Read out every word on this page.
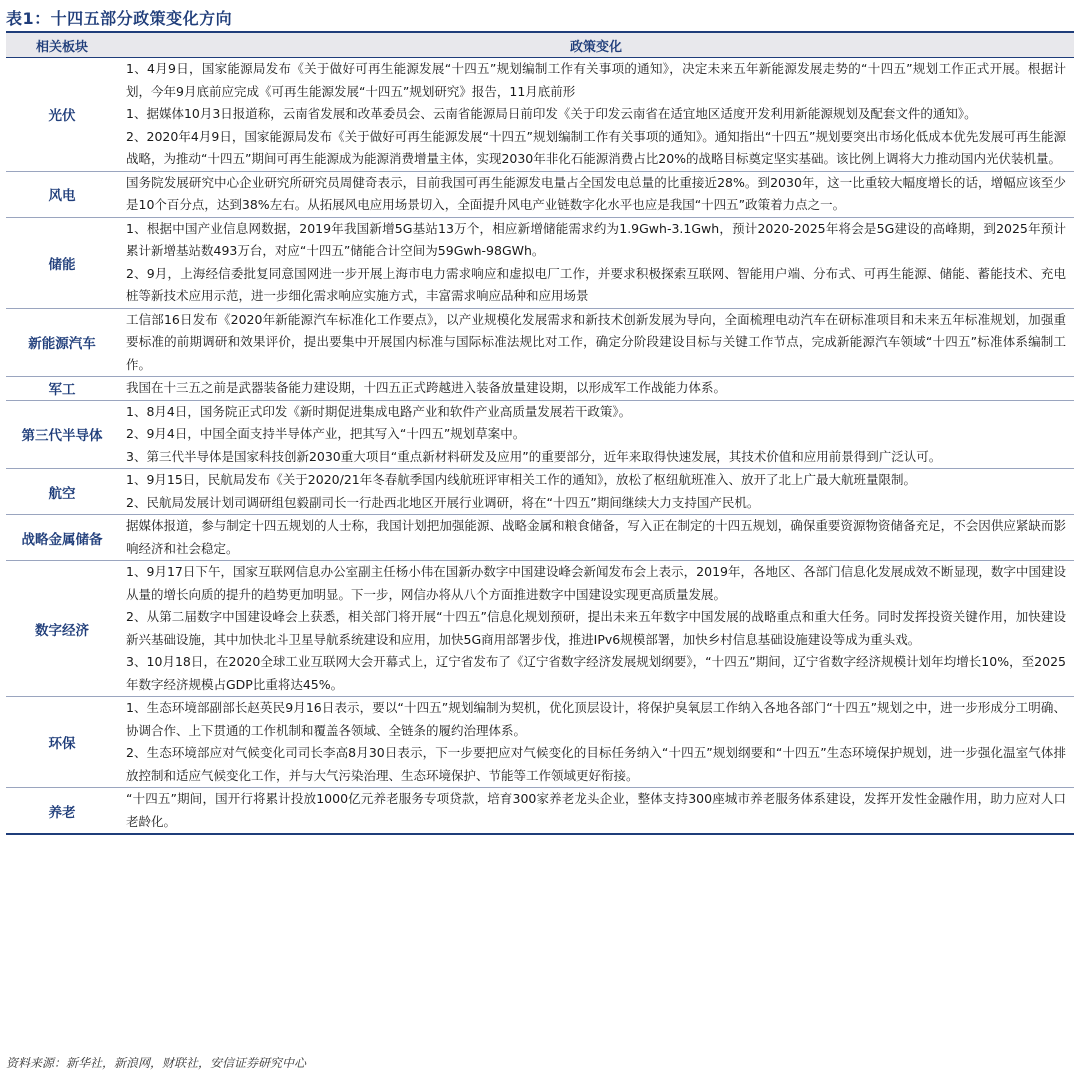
表1：十四五部分政策变化方向
相关板块	政策变化
光伏	1、4月9日，国家能源局发布《关于做好可再生能源发展“十四五”规划编制工作有关事项的通知》，决定未来五年新能源发展走势的“十四五”规划工作正式开展。根据计划，今年9月底前应完成《可再生能源发展“十四五”规划研究》报告，11月底前形
1、据媒体10月3日报道称，云南省发展和改革委员会、云南省能源局日前印发《关于印发云南省在适宜地区适度开发利用新能源规划及配套文件的通知》。
2、2020年4月9日，国家能源局发布《关于做好可再生能源发展“十四五”规划编制工作有关事项的通知》。通知指出“十四五”规划要突出市场化低成本优先发展可再生能源战略，为推动“十四五”期间可再生能源成为能源消费增量主体，实现2030年非化石能源消费占比20%的战略目标奠定坚实基础。该比例上调将大力推动国内光伏装机量。

风电	国务院发展研究中心企业研究所研究员周健奇表示，目前我国可再生能源发电量占全国发电总量的比重接近28%。到2030年，这一比重较大幅度增长的话，增幅应该至少是10个百分点，达到38%左右。从拓展风电应用场景切入，全面提升风电产业链数字化水平也应是我国“十四五”政策着力点之一。

储能	1、根据中国产业信息网数据，2019年我国新增5G基站13万个，相应新增储能需求约为1.9Gwh-3.1Gwh，预计2020-2025年将会是5G建设的高峰期，到2025年预计累计新增基站数493万台，对应“十四五”储能合计空间为59Gwh-98GWh。
2、9月，上海经信委批复同意国网进一步开展上海市电力需求响应和虚拟电厂工作，并要求积极探索互联网、智能用户端、分布式、可再生能源、储能、蓄能技术、充电桩等新技术应用示范，进一步细化需求响应实施方式，丰富需求响应品种和应用场景

新能源汽车	工信部16日发布《2020年新能源汽车标准化工作要点》，以产业规模化发展需求和新技术创新发展为导向，全面梳理电动汽车在研标准项目和未来五年标准规划，加强重要标准的前期调研和效果评价，提出要集中开展国内标准与国际标准法规比对工作，确定分阶段建设目标与关键工作节点，完成新能源汽车领域“十四五”标准体系编制工作。

军工	我国在十三五之前是武器装备能力建设期，十四五正式跨越进入装备放量建设期，以形成军工作战能力体系。

第三代半导体	1、8月4日，国务院正式印发《新时期促进集成电路产业和软件产业高质量发展若干政策》。
2、9月4日，中国全面支持半导体产业，把其写入“十四五”规划草案中。
3、第三代半导体是国家科技创新2030重大项目“重点新材料研发及应用”的重要部分，近年来取得快速发展，其技术价值和应用前景得到广泛认可。

航空	1、9月15日，民航局发布《关于2020/21年冬春航季国内线航班评审相关工作的通知》，放松了枢纽航班准入、放开了北上广最大航班量限制。
2、民航局发展计划司调研组包毅副司长一行赴西北地区开展行业调研，将在“十四五”期间继续大力支持国产民机。

战略金属储备	据媒体报道，参与制定十四五规划的人士称，我国计划把加强能源、战略金属和粮食储备，写入正在制定的十四五规划，确保重要资源物资储备充足，不会因供应紧缺而影响经济和社会稳定。

数字经济	1、9月17日下午，国家互联网信息办公室副主任杨小伟在国新办数字中国建设峰会新闻发布会上表示，2019年，各地区、各部门信息化发展成效不断显现，数字中国建设从量的增长向质的提升的趋势更加明显。下一步，网信办将从八个方面推进数字中国建设实现更高质量发展。
2、从第二届数字中国建设峰会上获悉，相关部门将开展“十四五”信息化规划预研，提出未来五年数字中国发展的战略重点和重大任务。同时发挥投资关键作用，加快建设新兴基础设施，其中加快北斗卫星导航系统建设和应用，加快5G商用部署步伐，推进IPv6规模部署，加快乡村信息基础设施建设等成为重头戏。
3、10月18日，在2020全球工业互联网大会开幕式上，辽宁省发布了《辽宁省数字经济发展规划纲要》，“十四五”期间，辽宁省数字经济规模计划年均增长10%，至2025年数字经济规模占GDP比重将达45%。

环保	1、生态环境部副部长赵英民9月16日表示，要以“十四五”规划编制为契机，优化顶层设计，将保护臭氧层工作纳入各地各部门“十四五”规划之中，进一步形成分工明确、协调合作、上下贯通的工作机制和覆盖各领域、全链条的履约治理体系。
2、生态环境部应对气候变化司司长李高8月30日表示，下一步要把应对气候变化的目标任务纳入“十四五”规划纲要和“十四五”生态环境保护规划，进一步强化温室气体排放控制和适应气候变化工作，并与大气污染治理、生态环境保护、节能等工作领域更好衔接。

养老	“十四五”期间，国开行将累计投放1000亿元养老服务专项贷款，培育300家养老龙头企业，整体支持300座城市养老服务体系建设，发挥开发性金融作用，助力应对人口老龄化。
资料来源：新华社，新浪网，财联社，安信证券研究中心
